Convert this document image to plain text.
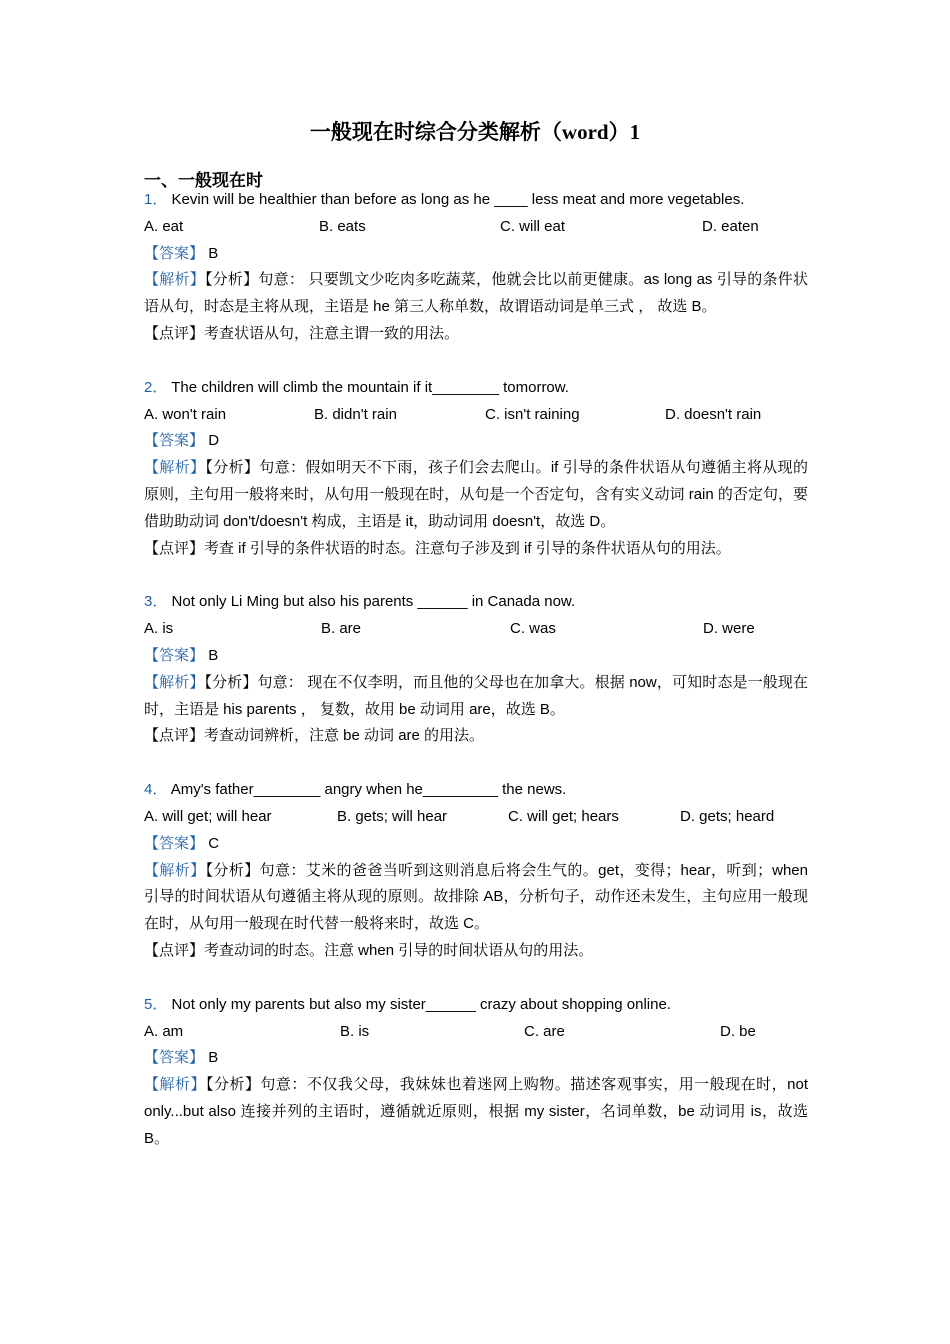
一般现在时综合分类解析（word）1
一、一般现在时
1． Kevin will be healthier than before as long as he ____ less meat and more vegetables.
A. eat	B. eats	C. will eat	D. eaten
【答案】 B
【解析】【分析】句意： 只要凯文少吃肉多吃蔬菜，他就会比以前更健康。as long as 引导的条件状语从句，时态是主将从现，主语是 he 第三人称单数，故谓语动词是单三式 ， 故选 B。
【点评】考查状语从句，注意主谓一致的用法。
2． The children will climb the mountain if it________ tomorrow.
A. won't rain	B. didn't rain	C. isn't raining	D. doesn't rain
【答案】 D
【解析】【分析】句意：假如明天不下雨，孩子们会去爬山。if 引导的条件状语从句遵循主将从现的原则，主句用一般将来时，从句用一般现在时，从句是一个否定句，含有实义动词 rain 的否定句，要借助助动词 don't/doesn't 构成，主语是 it，助动词用 doesn't，故选 D。
【点评】考查 if 引导的条件状语的时态。注意句子涉及到 if 引导的条件状语从句的用法。
3． Not only Li Ming but also his parents ______ in Canada now.
A. is	B. are	C. was	D. were
【答案】 B
【解析】【分析】句意： 现在不仅李明，而且他的父母也在加拿大。根据 now，可知时态是一般现在时，主语是 his parents ， 复数，故用 be 动词用 are，故选 B。
【点评】考查动词辨析，注意 be 动词 are 的用法。
4． Amy's father________ angry when he_________ the news.
A. will get; will hear	B. gets; will hear	C. will get; hears	D. gets; heard
【答案】 C
【解析】【分析】句意：艾米的爸爸当听到这则消息后将会生气的。get，变得；hear，听到；when 引导的时间状语从句遵循主将从现的原则。故排除 AB，分析句子，动作还未发生，主句应用一般现在时，从句用一般现在时代替一般将来时，故选 C。
【点评】考查动词的时态。注意 when 引导的时间状语从句的用法。
5． Not only my parents but also my sister______ crazy about shopping online.
A. am	B. is	C. are	D. be
【答案】 B
【解析】【分析】句意：不仅我父母，我妹妹也着迷网上购物。描述客观事实，用一般现在时，not only...but also 连接并列的主语时，遵循就近原则，根据 my sister，名词单数，be 动词用 is，故选 B。
